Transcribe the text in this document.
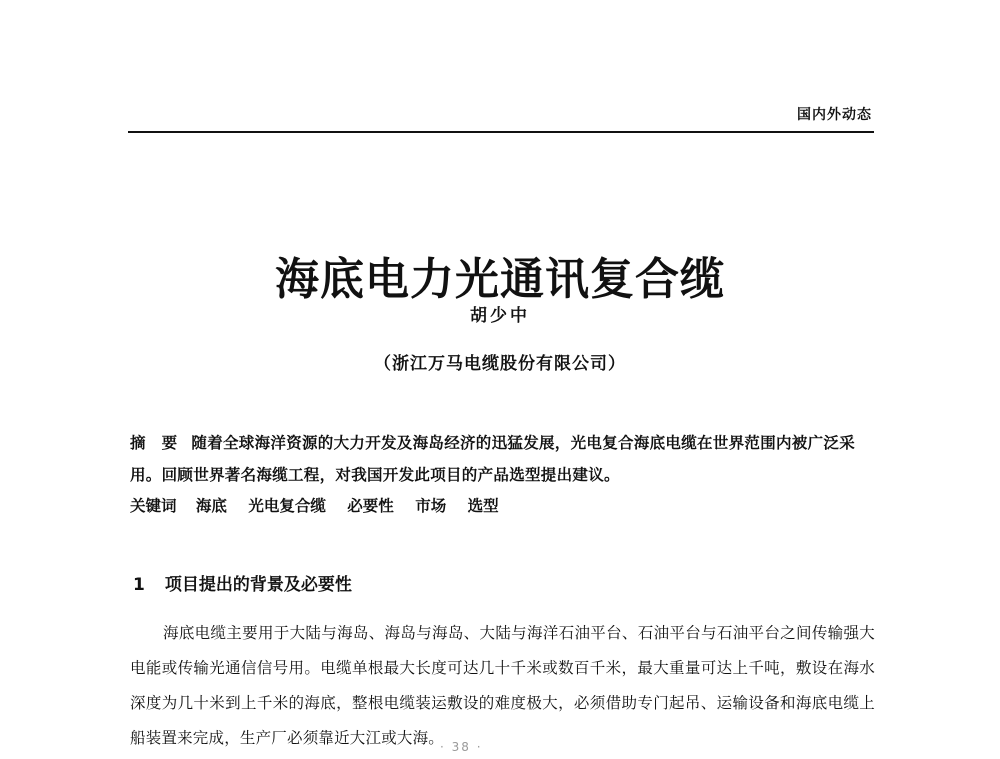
国内外动态
海底电力光通讯复合缆
胡少中
（浙江万马电缆股份有限公司）
摘　要 随着全球海洋资源的大力开发及海岛经济的迅猛发展，光电复合海底电缆在世界范围内被广泛采用。回顾世界著名海缆工程，对我国开发此项目的产品选型提出建议。
关键词 海底 光电复合缆 必要性 市场 选型
1 项目提出的背景及必要性

海底电缆主要用于大陆与海岛、海岛与海岛、大陆与海洋石油平台、石油平台与石油平台之间传输强大电能或传输光通信信号用。电缆单根最大长度可达几十千米或数百千米，最大重量可达上千吨，敷设在海水深度为几十米到上千米的海底，整根电缆装运敷设的难度极大，必须借助专门起吊、运输设备和海底电缆上船装置来完成，生产厂必须靠近大江或大海。

· 38 ·
